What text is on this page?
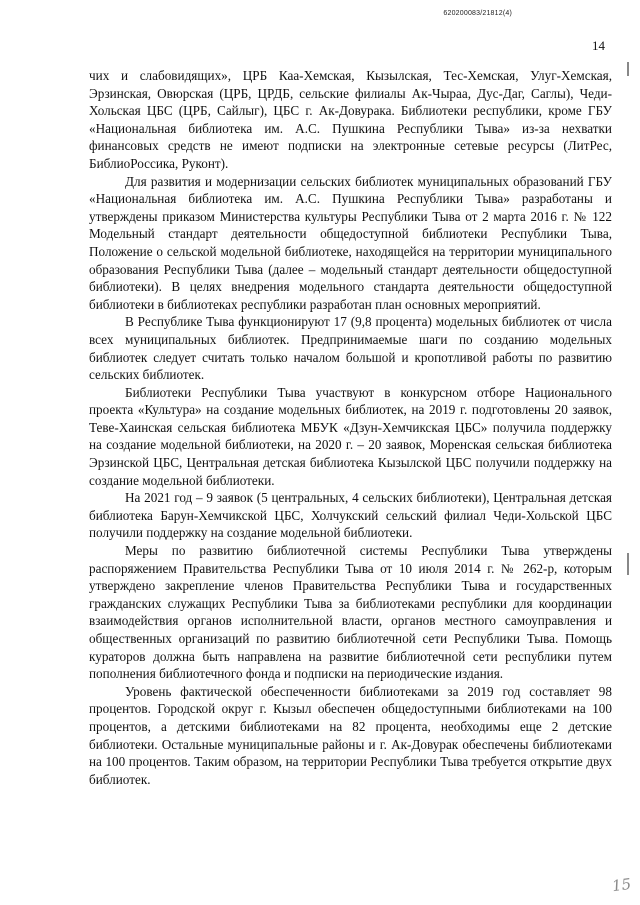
620200083/21812(4)
14

чих и слабовидящих», ЦРБ Каа-Хемская, Кызылская, Тес-Хемская, Улуг-Хемская, Эрзинская, Овюрская (ЦРБ, ЦРДБ, сельские филиалы Ак-Чыраа, Дус-Даг, Саглы), Чеди-Хольская ЦБС (ЦРБ, Сайлыг), ЦБС г. Ак-Довурака. Библиотеки республики, кроме ГБУ «Национальная библиотека им. А.С. Пушкина Республики Тыва» из-за нехватки финансовых средств не имеют подписки на электронные сетевые ресурсы (ЛитРес, БиблиоРоссика, Руконт).

Для развития и модернизации сельских библиотек муниципальных образований ГБУ «Национальная библиотека им. А.С. Пушкина Республики Тыва» разработаны и утверждены приказом Министерства культуры Республики Тыва от 2 марта 2016 г. № 122 Модельный стандарт деятельности общедоступной библиотеки Республики Тыва, Положение о сельской модельной библиотеке, находящейся на территории муниципального образования Республики Тыва (далее – модельный стандарт деятельности общедоступной библиотеки). В целях внедрения модельного стандарта деятельности общедоступной библиотеки в библиотеках республики разработан план основных мероприятий.

В Республике Тыва функционируют 17 (9,8 процента) модельных библиотек от числа всех муниципальных библиотек. Предпринимаемые шаги по созданию модельных библиотек следует считать только началом большой и кропотливой работы по развитию сельских библиотек.

Библиотеки Республики Тыва участвуют в конкурсном отборе Национального проекта «Культура» на создание модельных библиотек, на 2019 г. подготовлены 20 заявок, Теве-Хаинская сельская библиотека МБУК «Дзун-Хемчикская ЦБС» получила поддержку на создание модельной библиотеки, на 2020 г. – 20 заявок, Моренская сельская библиотека Эрзинской ЦБС, Центральная детская библиотека Кызылской ЦБС получили поддержку на создание модельной библиотеки.

На 2021 год – 9 заявок (5 центральных, 4 сельских библиотеки), Центральная детская библиотека Барун-Хемчикской ЦБС, Холчукский сельский филиал Чеди-Хольской ЦБС получили поддержку на создание модельной библиотеки.

Меры по развитию библиотечной системы Республики Тыва утверждены распоряжением Правительства Республики Тыва от 10 июля 2014 г. № 262-р, которым утверждено закрепление членов Правительства Республики Тыва и государственных гражданских служащих Республики Тыва за библиотеками республики для координации взаимодействия органов исполнительной власти, органов местного самоуправления и общественных организаций по развитию библиотечной сети Республики Тыва. Помощь кураторов должна быть направлена на развитие библиотечной сети республики путем пополнения библиотечного фонда и подписки на периодические издания.

Уровень фактической обеспеченности библиотеками за 2019 год составляет 98 процентов. Городской округ г. Кызыл обеспечен общедоступными библиотеками на 100 процентов, а детскими библиотеками на 82 процента, необходимы еще 2 детские библиотеки. Остальные муниципальные районы и г. Ак-Довурак обеспечены библиотеками на 100 процентов. Таким образом, на территории Республики Тыва требуется открытие двух библиотек.

15
